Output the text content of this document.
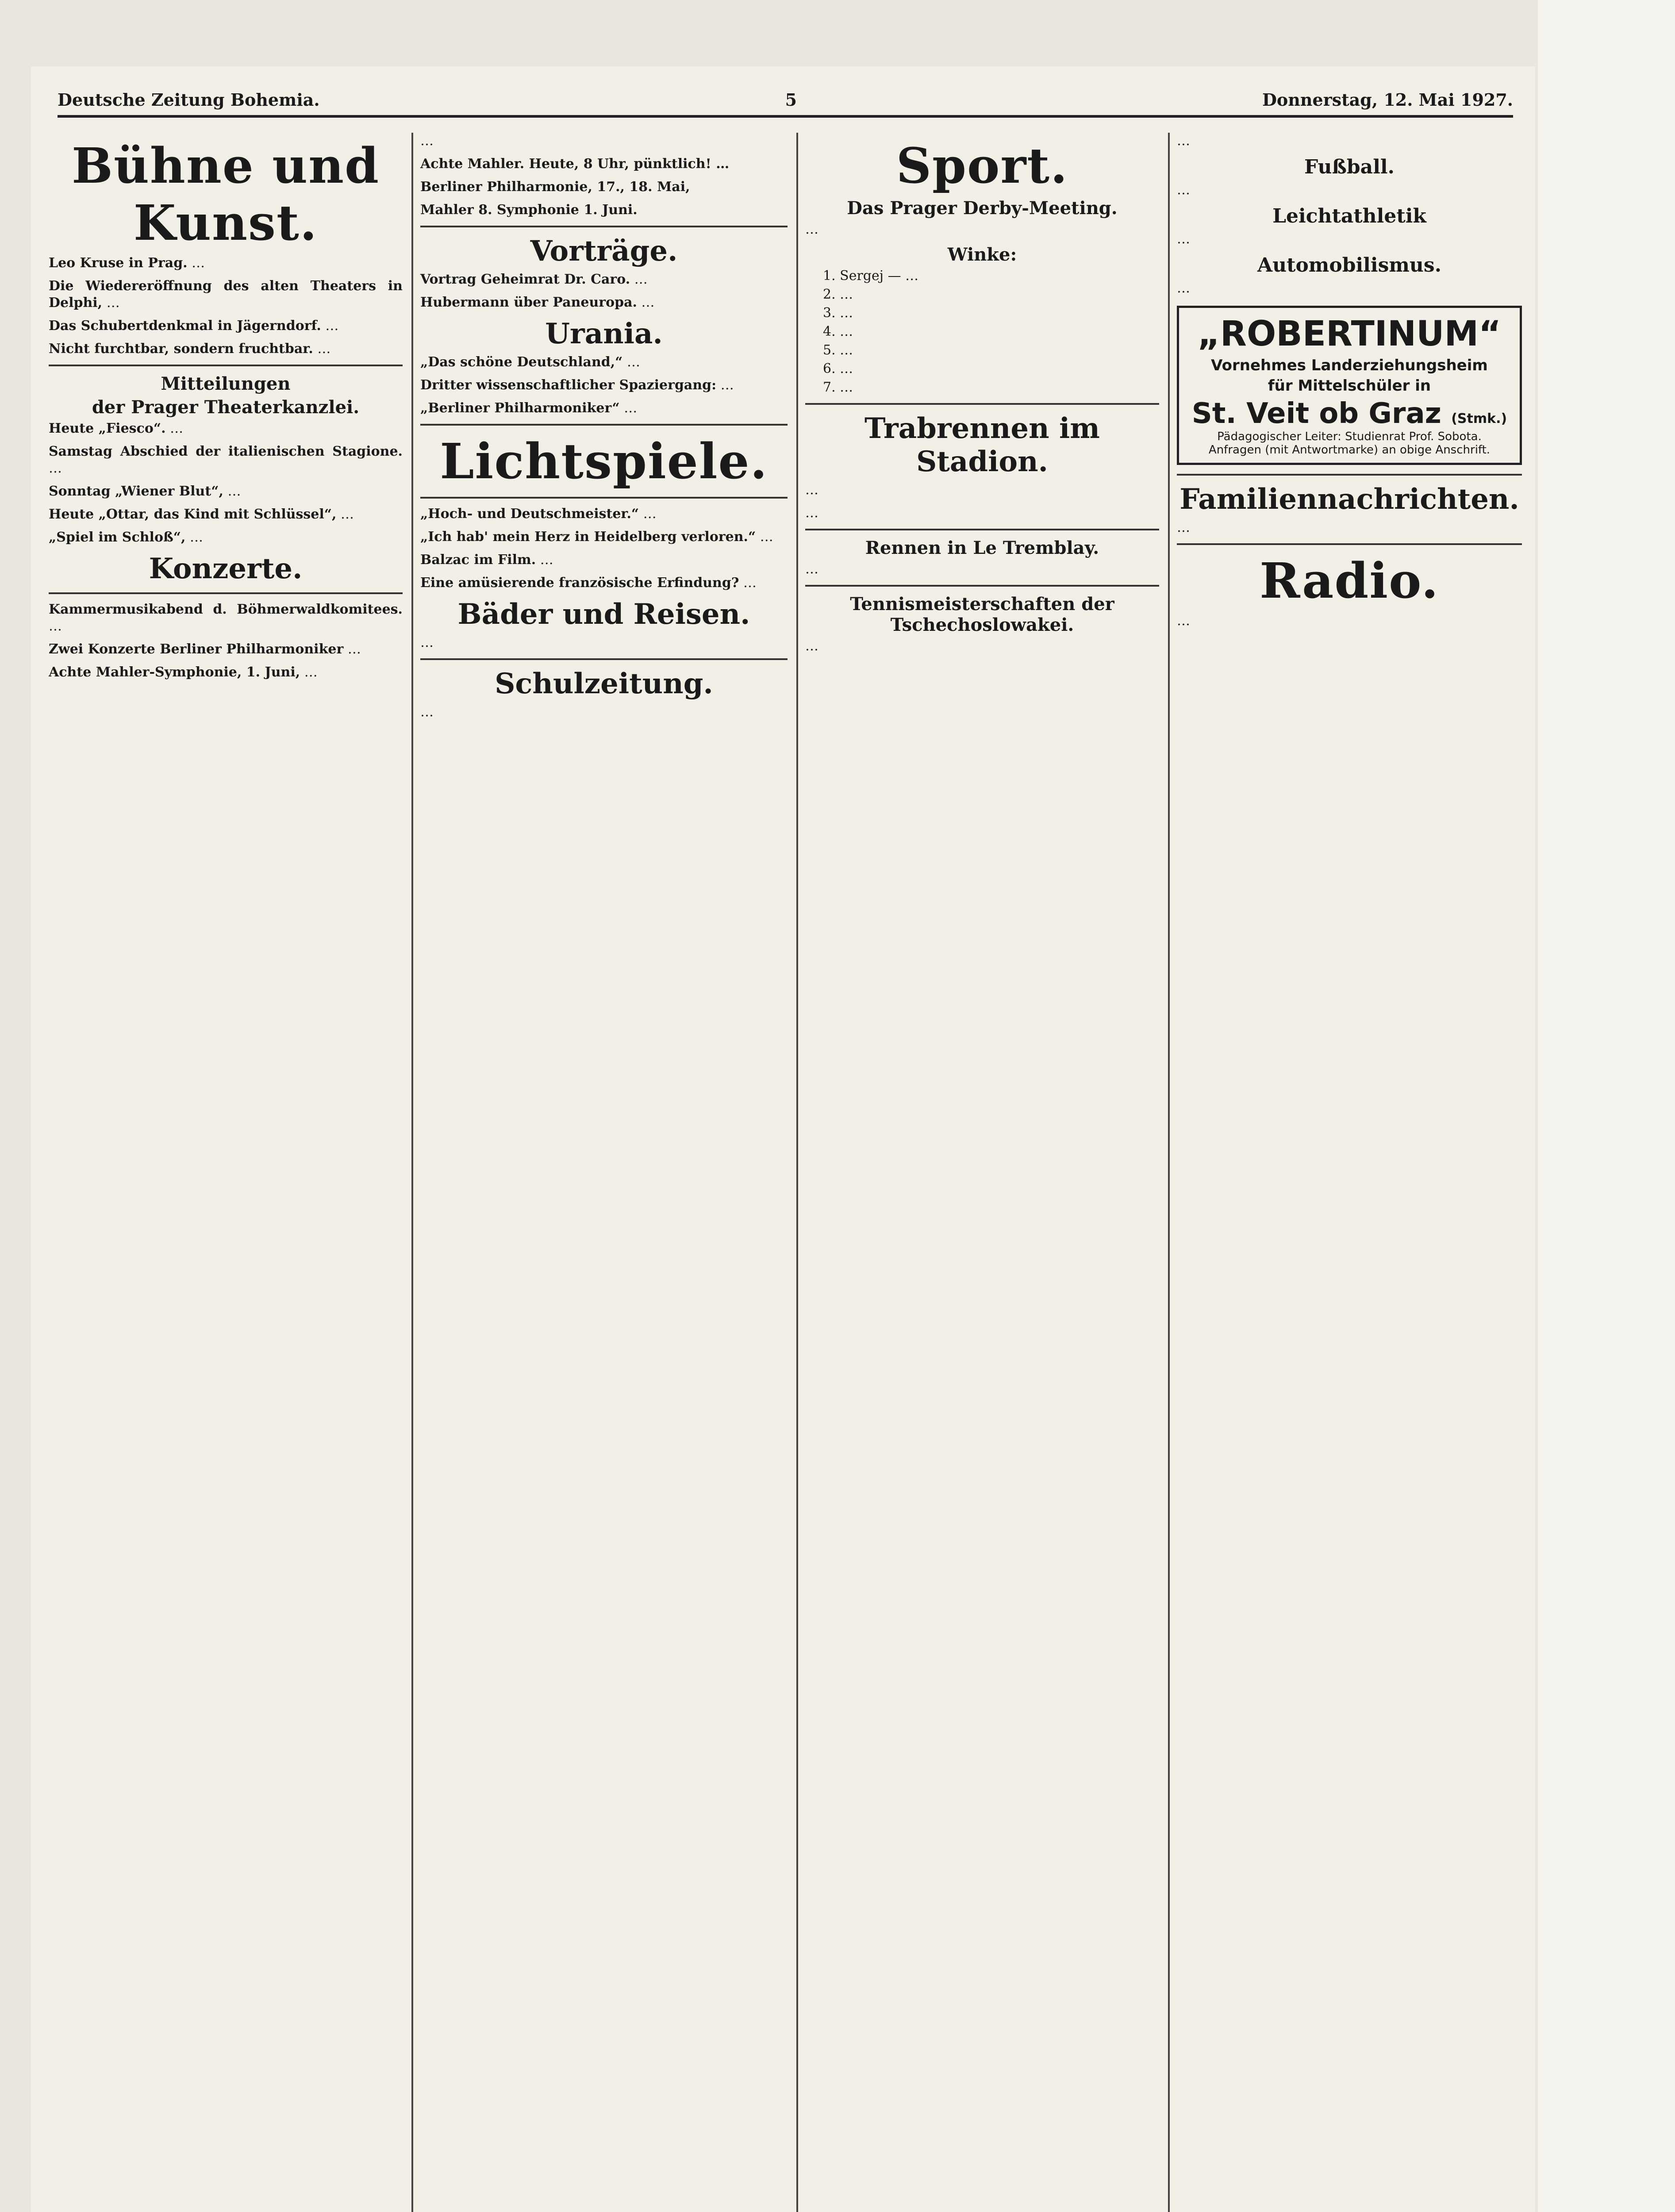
Deutsche Zeitung Bohemia.	5	Donnerstag, 12. Mai 1927.
Bühne und Kunst.
Leo Kruse in Prag. …
Die Wiedereröffnung des alten Theaters in Delphi, …
Das Schubertdenkmal in Jägerndorf. …
Nicht furchtbar, sondern fruchtbar. …
Mitteilungen
der Prager Theaterkanzlei.
Heute „Fiesco“. …
Samstag Abschied der italienischen Stagione. …
Sonntag „Wiener Blut“, …
Heute „Ottar, das Kind mit Schlüssel“, …
„Spiel im Schloß“, …
Konzerte.
Kammermusikabend d. Böhmerwaldkomitees. …
Zwei Konzerte Berliner Philharmoniker …
Achte Mahler-Symphonie, 1. Juni, …
…
Achte Mahler. Heute, 8 Uhr, pünktlich! …
Berliner Philharmonie, 17., 18. Mai,
Mahler 8. Symphonie 1. Juni.
Vorträge.
Vortrag Geheimrat Dr. Caro. …
Hubermann über Paneuropa. …
Urania.
„Das schöne Deutschland,“ …
Dritter wissenschaftlicher Spaziergang: …
„Berliner Philharmoniker“ …
Lichtspiele.
„Hoch- und Deutschmeister.“ …
„Ich hab' mein Herz in Heidelberg verloren.“ …
Balzac im Film. …
Eine amüsierende französische Erfindung? …
Bäder und Reisen.
…
Schulzeitung.
…
Sport.
Das Prager Derby-Meeting.
…
Winke:
1. Sergej — …
2. …
3. …
4. …
5. …
6. …
7. …
Trabrennen im Stadion.
…
…
Rennen in Le Tremblay.
…
Tennismeisterschaften der Tschechoslowakei.
…
…
Fußball.
…
Leichtathletik
…
Automobilismus.
…
„ROBERTINUM“
Vornehmes Landerziehungsheim
für Mittelschüler in
St. Veit ob Graz (Stmk.)
Pädagogischer Leiter: Studienrat Prof. Sobota.
Anfragen (mit Antwortmarke) an obige Anschrift.
Familiennachrichten.
…
Radio.
…
